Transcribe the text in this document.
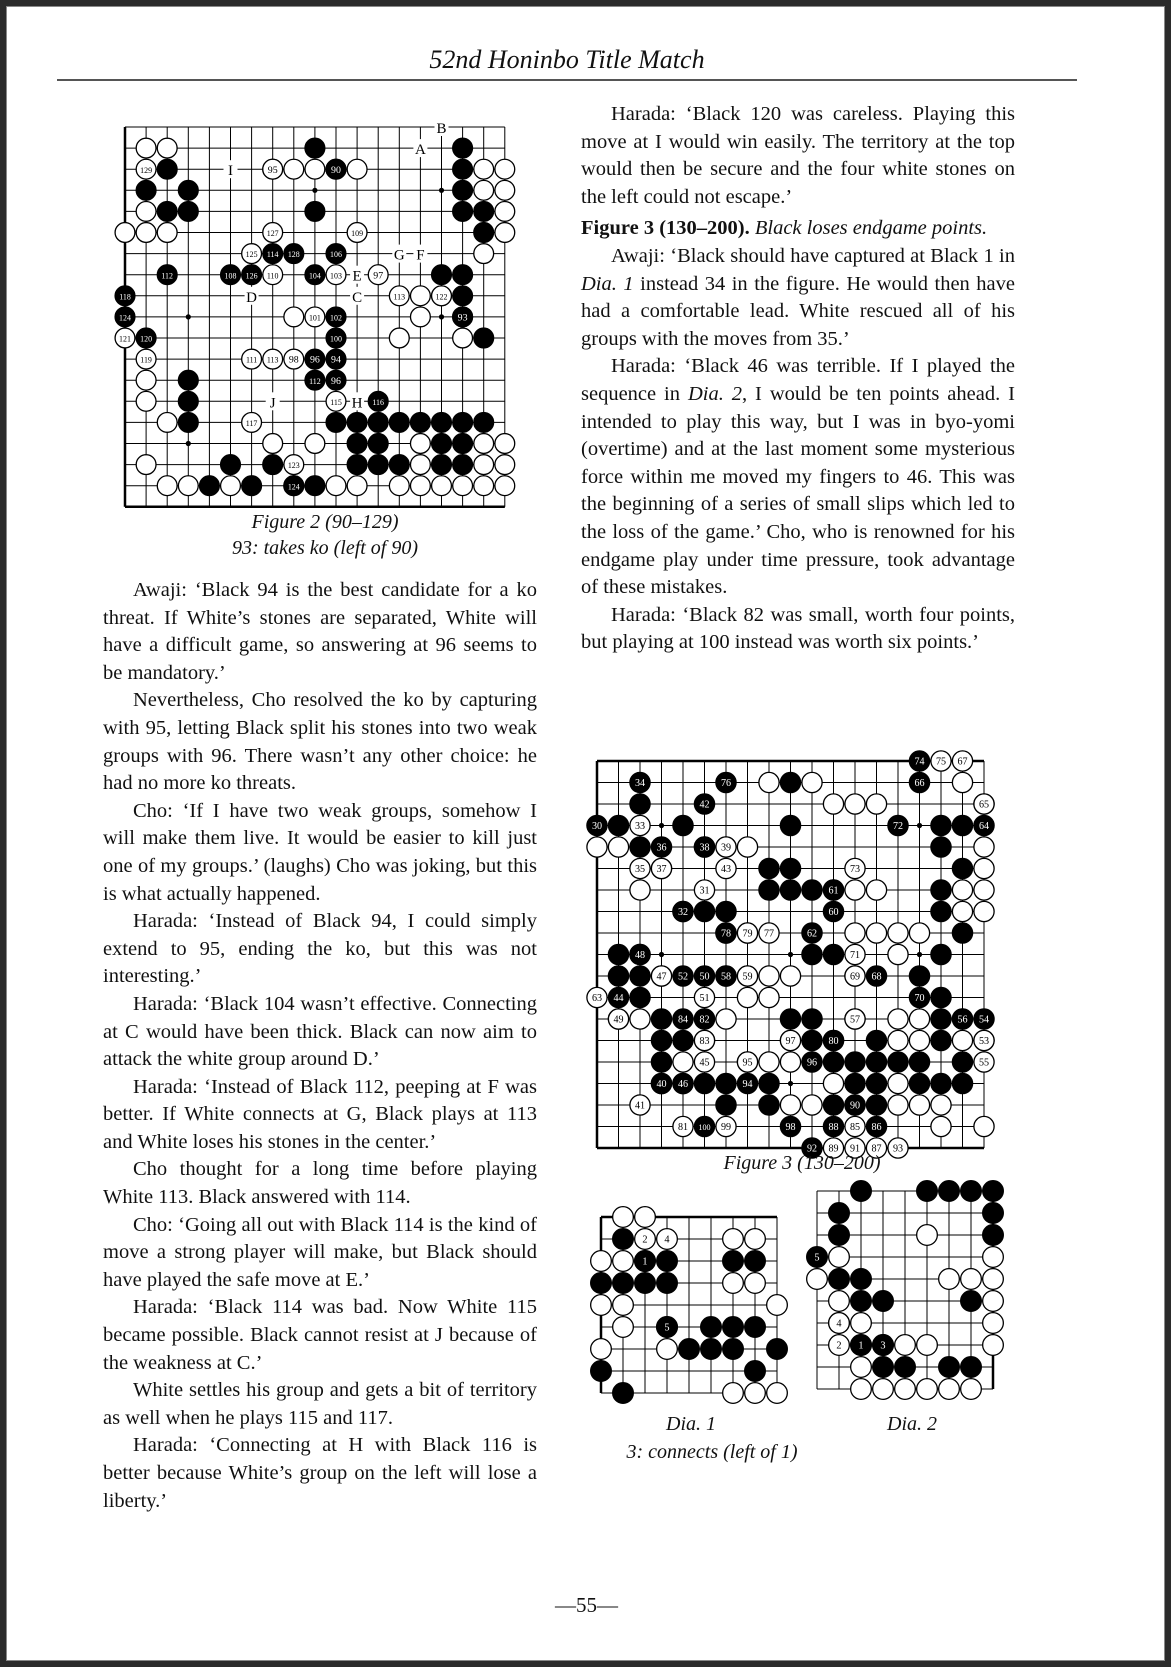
52nd Honinbo Title Match
129	95	90
109
127
125 114 128	106
112	108 126 110	104 103	97
118	113	122
93
124	101 102
121 120	100
119	111 113 98 96 94
112 96
115	116
117
123
124
A
B
C
D
E
F
G
H
I
J
Figure 2 (90–129)
93: takes ko (left of 90)

Awaji: ‘Black 94 is the best candidate for a ko threat. If White’s stones are separated, White will have a difficult game, so answering at 96 seems to be mandatory.’

Nevertheless, Cho resolved the ko by capturing with 95, letting Black split his stones into two weak groups with 96. There wasn’t any other choice: he had no more ko threats.

Cho: ‘If I have two weak groups, somehow I will make them live. It would be easier to kill just one of my groups.’ (laughs) Cho was joking, but this is what actually happened.

Harada: ‘Instead of Black 94, I could simply extend to 95, ending the ko, but this was not interesting.’

Harada: ‘Black 104 wasn’t effective. Connecting at C would have been thick. Black can now aim to attack the white group around D.’

Harada: ‘Instead of Black 112, peeping at F was better. If White connects at G, Black plays at 113 and White loses his stones in the center.’

Cho thought for a long time before playing White 113. Black answered with 114.

Cho: ‘Going all out with Black 114 is the kind of move a strong player will make, but Black should have played the safe move at E.’

Harada: ‘Black 114 was bad. Now White 115 became possible. Black cannot resist at J because of the weakness at C.’

White settles his group and gets a bit of territory as well when he plays 115 and 117.

Harada: ‘Connecting at H with Black 116 is better because White’s group on the left will lose a liberty.’

Harada: ‘Black 120 was careless. Playing this move at I would win easily. The territory at the top would then be secure and the four white stones on the left could not escape.’

Figure 3 (130–200). Black loses endgame points.

Awaji: ‘Black should have captured at Black 1 in Dia. 1 instead 34 in the figure. He would then have had a comfortable lead. White rescued all of his groups with the moves from 35.’

Harada: ‘Black 46 was terrible. If I played the sequence in Dia. 2, I would be ten points ahead. I intended to play this way, but I was in byo-yomi (overtime) and at the last moment some mysterious force within me moved my fingers to 46. This was the beginning of a series of small slips which led to the loss of the game.’ Cho, who is renowned for his endgame play under time pressure, took advantage of these mistakes.

Harada: ‘Black 82 was small, worth four points, but playing at 100 instead was worth six points.’

34
33
30
42
76
36	39
38
35 37	43
31
32
73
61
60
72
78 79 77	62
71
48
47 52 50 58 59	69 68
63 44	51	70
49	84 82	57	56 54
83	97	80	53
45	95	96	55
40 46	94
41	90
81 100 99	98	88 85 86
92 89 91 87 93
74 75 67
66
65
64
Figure 3 (130–200)
2 4
1
5
Dia. 1
3: connects (left of 1)
4
2 1 3
5
Dia. 2
—55—
